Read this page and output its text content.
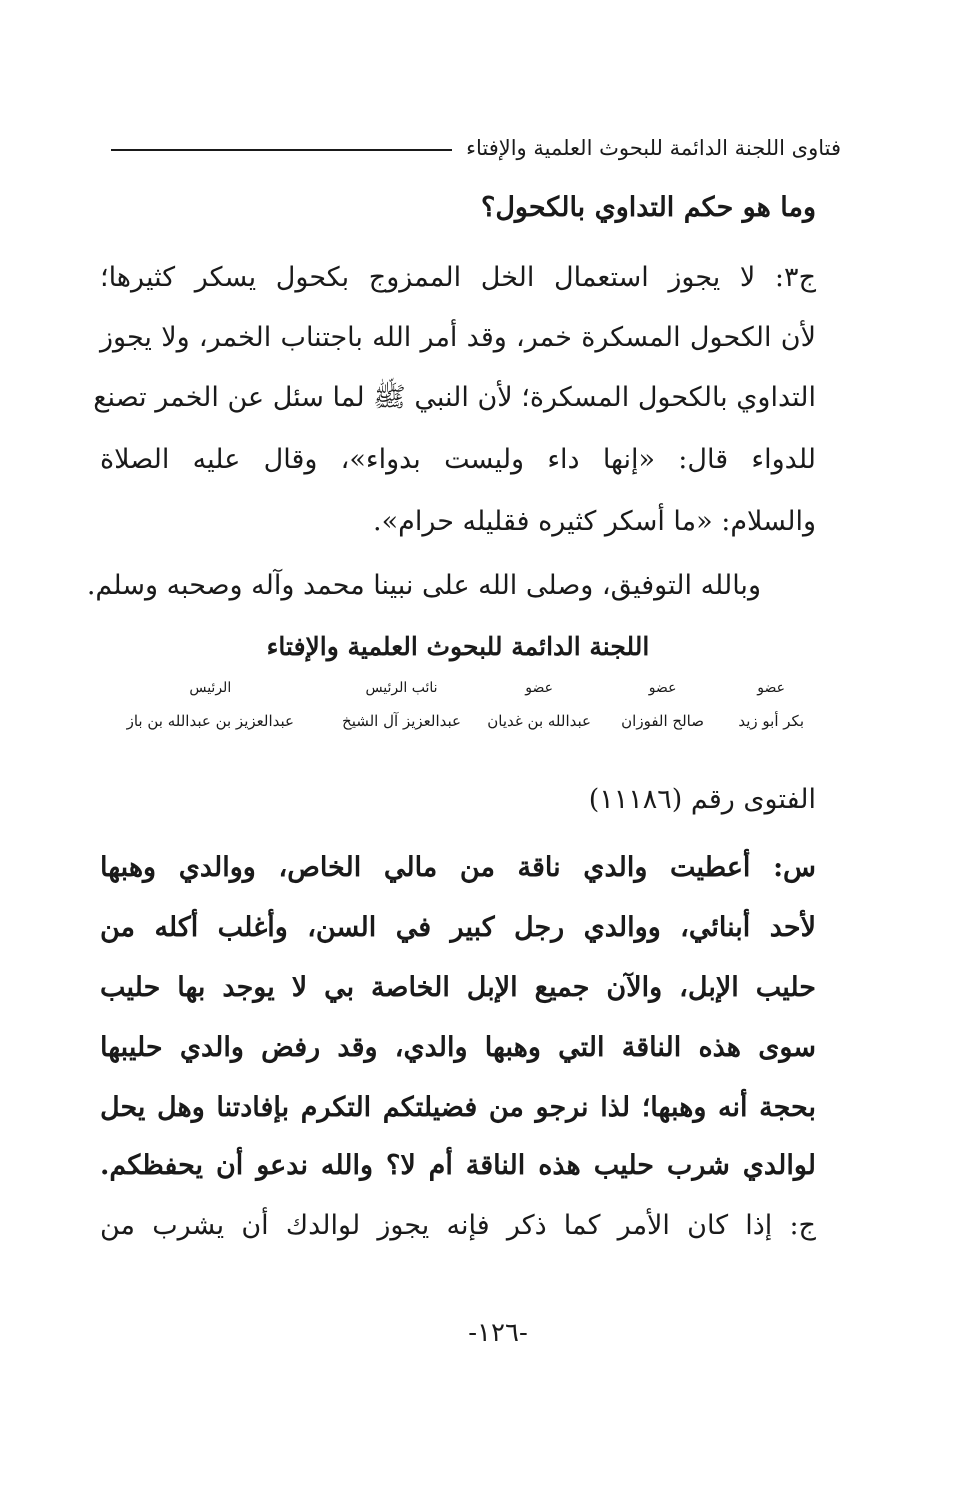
فتاوى اللجنة الدائمة للبحوث العلمية والإفتاء
وما هو حكم التداوي بالكحول؟
ج٣: لا يجوز استعمال الخل الممزوج بكحول يسكر كثيرها؛
لأن الكحول المسكرة خمر، وقد أمر الله باجتناب الخمر، ولا يجوز
التداوي بالكحول المسكرة؛ لأن النبي ﷺ لما سئل عن الخمر تصنع
للدواء قال: «إنها داء وليست بدواء»، وقال عليه الصلاة
والسلام: «ما أسكر كثيره فقليله حرام».
وبالله التوفيق، وصلى الله على نبينا محمد وآله وصحبه وسلم.
اللجنة الدائمة للبحوث العلمية والإفتاء
عضو
بكر أبو زيد
عضو
صالح الفوزان
عضو
عبدالله بن غديان
نائب الرئيس
عبدالعزيز آل الشيخ
الرئيس
عبدالعزيز بن عبدالله بن باز
الفتوى رقم (١١١٨٦)
س: أعطيت والدي ناقة من مالي الخاص، ووالدي وهبها
لأحد أبنائي، ووالدي رجل كبير في السن، وأغلب أكله من
حليب الإبل، والآن جميع الإبل الخاصة بي لا يوجد بها حليب
سوى هذه الناقة التي وهبها والدي، وقد رفض والدي حليبها
بحجة أنه وهبها؛ لذا نرجو من فضيلتكم التكرم بإفادتنا وهل يحل
لوالدي شرب حليب هذه الناقة أم لا؟ والله ندعو أن يحفظكم.
ج: إذا كان الأمر كما ذكر فإنه يجوز لوالدك أن يشرب من
-١٢٦-
